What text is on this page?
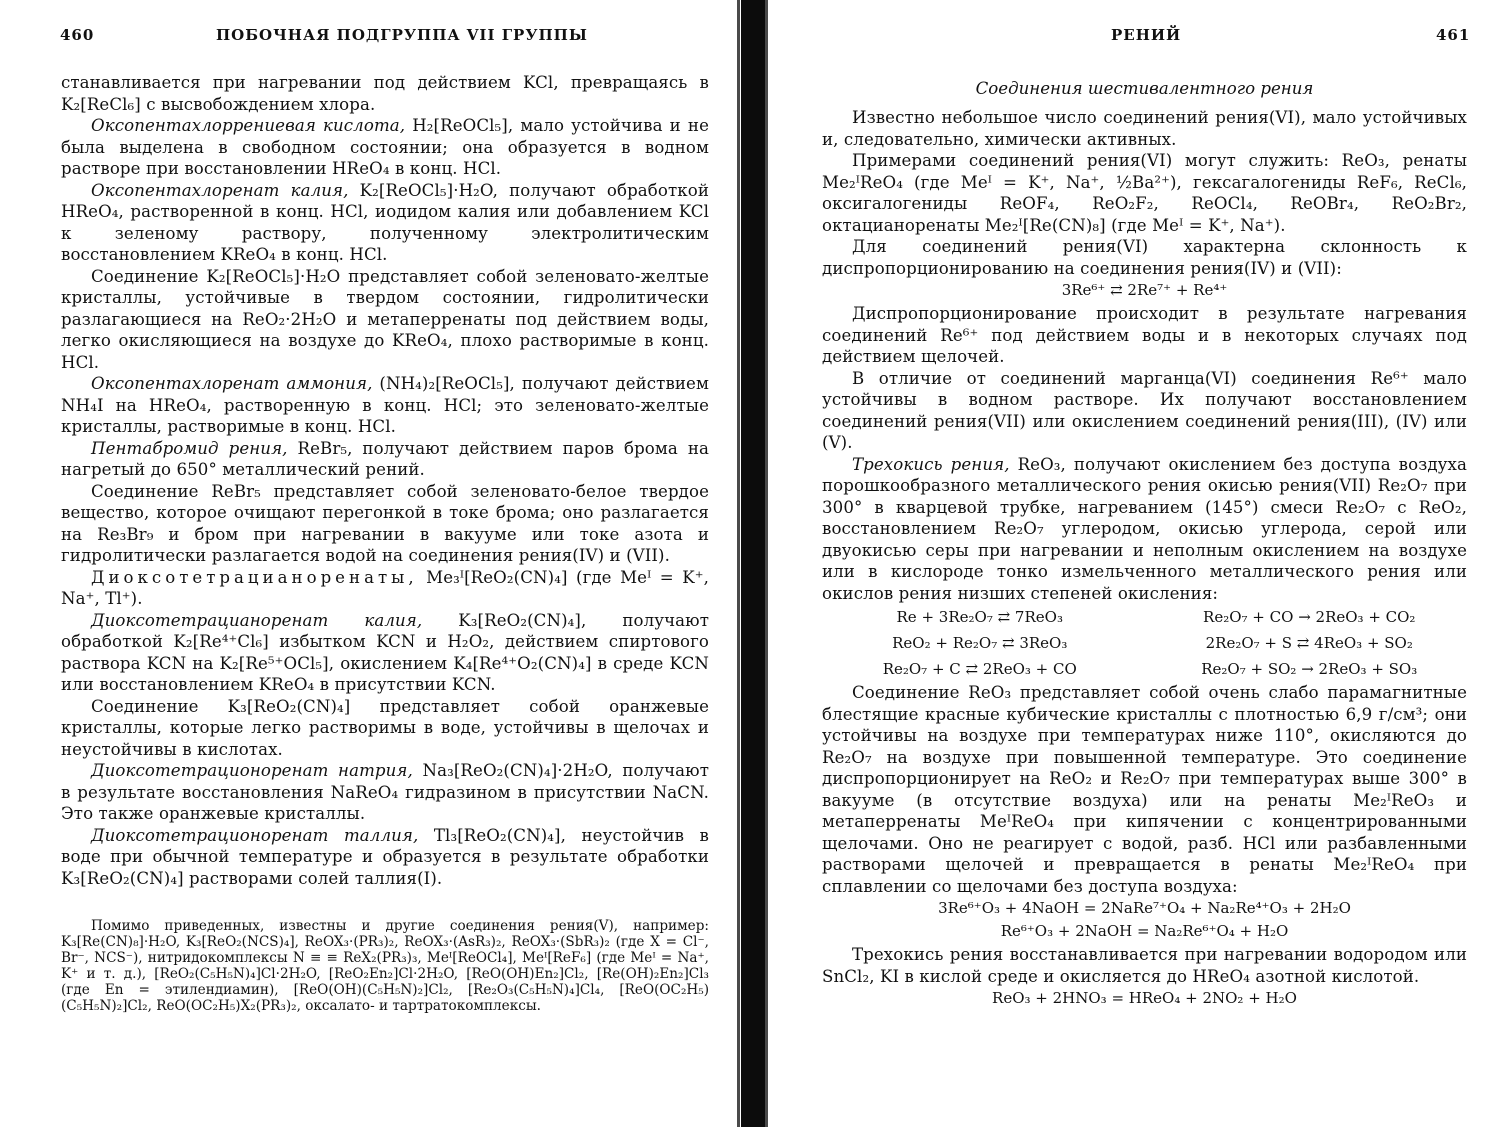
460	ПОБОЧНАЯ ПОДГРУППА VII ГРУППЫ

станавливается при нагревании под действием KCl, превращаясь в K₂[ReCl₆] с высвобождением хлора.

Оксопентахлоррениевая кислота, H₂[ReOCl₅], мало устойчива и не была выделена в свободном состоянии; она образуется в водном растворе при восстановлении HReO₄ в конц. HCl.

Оксопентахлоренат калия, K₂[ReOCl₅]·H₂O, получают обработкой HReO₄, растворенной в конц. HCl, иодидом калия или добавлением KCl к зеленому раствору, полученному электролитическим восстановлением KReO₄ в конц. HCl.

Соединение K₂[ReOCl₅]·H₂O представляет собой зеленовато-желтые кристаллы, устойчивые в твердом состоянии, гидролитически разлагающиеся на ReO₂·2H₂O и метаперренаты под действием воды, легко окисляющиеся на воздухе до KReO₄, плохо растворимые в конц. HCl.

Оксопентахлоренат аммония, (NH₄)₂[ReOCl₅], получают действием NH₄I на HReO₄, растворенную в конц. HCl; это зеленовато-желтые кристаллы, растворимые в конц. HCl.

Пентабромид рения, ReBr₅, получают действием паров брома на нагретый до 650° металлический рений.

Соединение ReBr₅ представляет собой зеленовато-белое твердое вещество, которое очищают перегонкой в токе брома; оно разлагается на Re₃Br₉ и бром при нагревании в вакууме или токе азота и гидролитически разлагается водой на соединения рения(IV) и (VII).

Диоксотетрацианоренаты, Me₃ᴵ[ReO₂(CN)₄] (где Meᴵ = K⁺, Na⁺, Tl⁺).

Диоксотетрацианоренат калия, K₃[ReO₂(CN)₄], получают обработкой K₂[Re⁴⁺Cl₆] избытком KCN и H₂O₂, действием спиртового раствора KCN на K₂[Re⁵⁺OCl₅], окислением K₄[Re⁴⁺O₂(CN)₄] в среде KCN или восстановлением KReO₄ в присутствии KCN.

Соединение K₃[ReO₂(CN)₄] представляет собой оранжевые кристаллы, которые легко растворимы в воде, устойчивы в щелочах и неустойчивы в кислотах.

Диоксотетрационоренат натрия, Na₃[ReO₂(CN)₄]·2H₂O, получают в результате восстановления NaReO₄ гидразином в присутствии NaCN. Это также оранжевые кристаллы.

Диоксотетрационоренат таллия, Tl₃[ReO₂(CN)₄], неустойчив в воде при обычной температуре и образуется в результате обработки K₃[ReO₂(CN)₄] растворами солей таллия(I).

Помимо приведенных, известны и другие соединения рения(V), например: K₃[Re(CN)₈]·H₂O, K₃[ReO₂(NCS)₄], ReOX₃·(PR₃)₂, ReOX₃·(AsR₃)₂, ReOX₃·(SbR₃)₂ (где X = Cl⁻, Br⁻, NCS⁻), нитридокомплексы N ≡ ≡ ReX₂(PR₃)₃, Meᴵ[ReOCl₄], Meᴵ[ReF₆] (где Meᴵ = Na⁺, K⁺ и т. д.), [ReO₂(C₅H₅N)₄]Cl·2H₂O, [ReO₂En₂]Cl·2H₂O, [ReO(OH)En₂]Cl₂, [Re(OH)₂En₂]Cl₃ (где En = этилендиамин), [ReO(OH)(C₅H₅N)₂]Cl₂, [Re₂O₃(C₅H₅N)₄]Cl₄, [ReO(OC₂H₅)(C₅H₅N)₂]Cl₂, ReO(OC₂H₅)X₂(PR₃)₂, оксалато- и тартратокомплексы.

РЕНИЙ	461
Соединения шестивалентного рения

Известно небольшое число соединений рения(VI), мало устойчивых и, следовательно, химически активных.

Примерами соединений рения(VI) могут служить: ReO₃, ренаты Me₂ᴵReO₄ (где Meᴵ = K⁺, Na⁺, ½Ba²⁺), гексагалогениды ReF₆, ReCl₆, оксигалогениды ReOF₄, ReO₂F₂, ReOCl₄, ReOBr₄, ReO₂Br₂, октацианоренаты Me₂ᴵ[Re(CN)₈] (где Meᴵ = K⁺, Na⁺).

Для соединений рения(VI) характерна склонность к диспропорционированию на соединения рения(IV) и (VII):

3Re⁶⁺ ⇄ 2Re⁷⁺ + Re⁴⁺

Диспропорционирование происходит в результате нагревания соединений Re⁶⁺ под действием воды и в некоторых случаях под действием щелочей.

В отличие от соединений марганца(VI) соединения Re⁶⁺ мало устойчивы в водном растворе. Их получают восстановлением соединений рения(VII) или окислением соединений рения(III), (IV) или (V).

Трехокись рения, ReO₃, получают окислением без доступа воздуха порошкообразного металлического рения окисью рения(VII) Re₂O₇ при 300° в кварцевой трубке, нагреванием (145°) смеси Re₂O₇ с ReO₂, восстановлением Re₂O₇ углеродом, окисью углерода, серой или двуокисью серы при нагревании и неполным окислением на воздухе или в кислороде тонко измельченного металлического рения или окислов рения низших степеней окисления:

Re + 3Re₂O₇ ⇄ 7ReO₃	Re₂O₇ + CO → 2ReO₃ + CO₂
ReO₂ + Re₂O₇ ⇄ 3ReO₃	2Re₂O₇ + S ⇄ 4ReO₃ + SO₂
Re₂O₇ + C ⇄ 2ReO₃ + CO	Re₂O₇ + SO₂ → 2ReO₃ + SO₃

Соединение ReO₃ представляет собой очень слабо парамагнитные блестящие красные кубические кристаллы с плотностью 6,9 г/см³; они устойчивы на воздухе при температурах ниже 110°, окисляются до Re₂O₇ на воздухе при повышенной температуре. Это соединение диспропорционирует на ReO₂ и Re₂O₇ при температурах выше 300° в вакууме (в отсутствие воздуха) или на ренаты Me₂ᴵReO₃ и метаперренаты MeᴵReO₄ при кипячении с концентрированными щелочами. Оно не реагирует с водой, разб. HCl или разбавленными растворами щелочей и превращается в ренаты Me₂ᴵReO₄ при сплавлении со щелочами без доступа воздуха:

3Re⁶⁺O₃ + 4NaOH = 2NaRe⁷⁺O₄ + Na₂Re⁴⁺O₃ + 2H₂O
Re⁶⁺O₃ + 2NaOH = Na₂Re⁶⁺O₄ + H₂O

Трехокись рения восстанавливается при нагревании водородом или SnCl₂, KI в кислой среде и окисляется до HReO₄ азотной кислотой.

ReO₃ + 2HNO₃ = HReO₄ + 2NO₂ + H₂O
